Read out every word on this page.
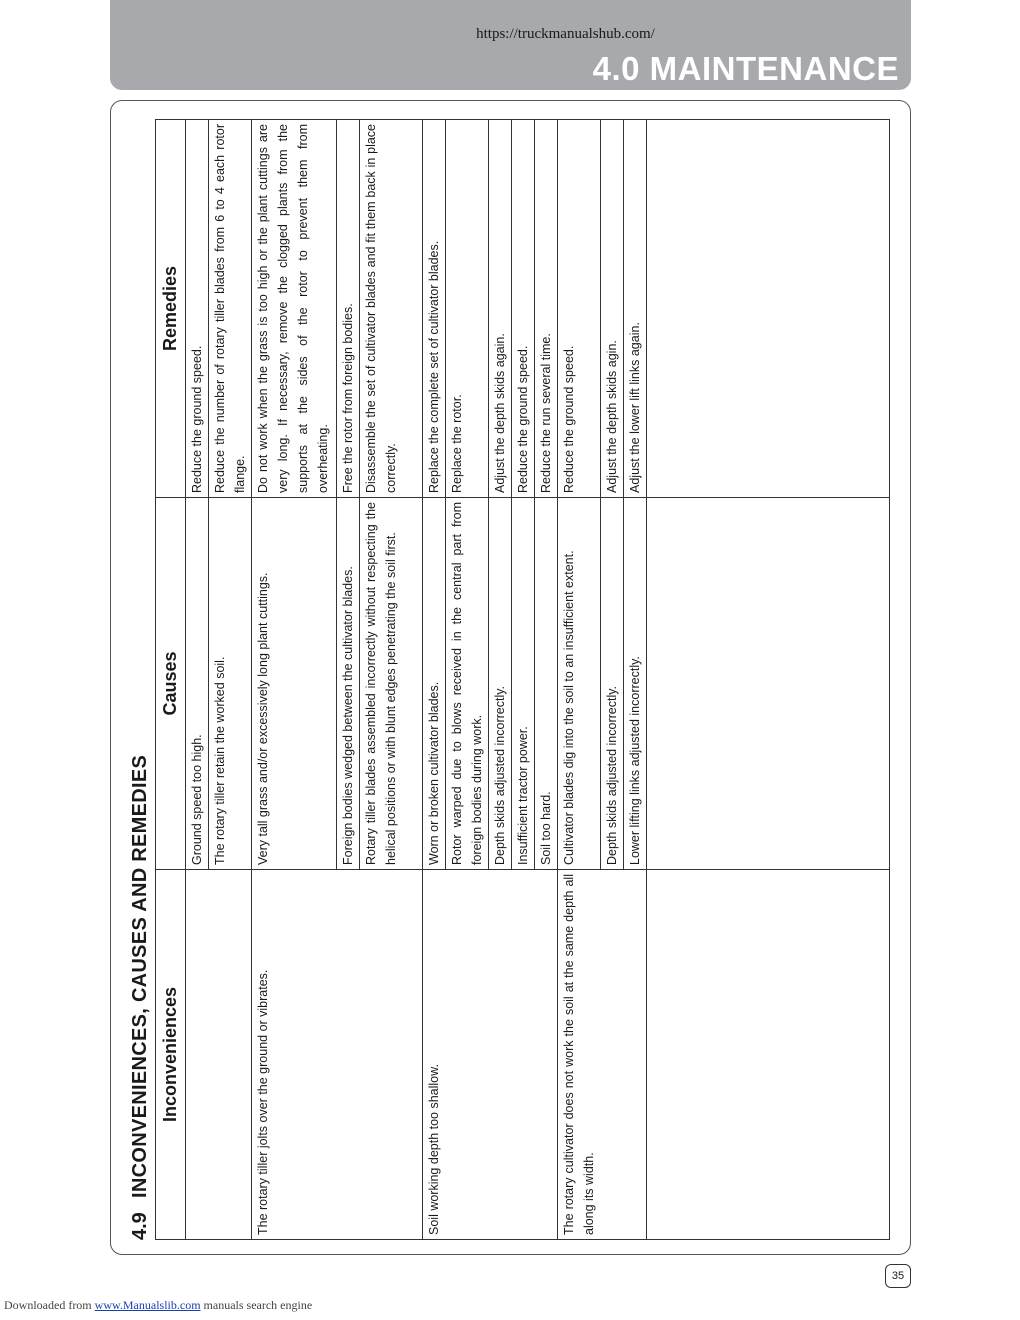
https://truckmanualshub.com/
4.0 MAINTENANCE
4.9
INCONVENIENCES, CAUSES AND REMEDIES Inconveniences	Causes	Remedies
	Ground speed too high.	Reduce the ground speed.
	The rotary tiller retain the worked soil.	Reduce the number of rotary tiller blades from 6 to 4 each rotor flange.
The rotary tiller jolts over the ground or vibrates.	Very tall grass and/or excessively long plant cuttings.	Do not work when the grass is too high or the plant cuttings are very long. If necessary, remove the clogged plants from the supports at the sides of the rotor to prevent them from overheating.
	Foreign bodies wedged between the cultivator blades.	Free the rotor from foreign bodies.
	Rotary tiller blades assembled incorrectly without respecting the helical positions or with blunt edges penetrating the soil first.	Disassemble the set of cultivator blades and fit them back in place correctly.
Soil working depth too shallow.	Worn or broken cultivator blades.	Replace the complete set of cultivator blades.
	Rotor warped due to blows received in the central part from foreign bodies during work.	Replace the rotor.
	Depth skids adjusted incorrectly.	Adjust the depth skids again.
	Insufficient tractor power.	Reduce the ground speed.
	Soil too hard.	Reduce the run several time.
The rotary cultivator does not work the soil at the same depth all along its width.	Cultivator blades dig into the soil to an insufficient extent.	Reduce the ground speed.
	Depth skids adjusted incorrectly.	Adjust the depth skids agin.
	Lower lifting links adjusted incorrectly.	Adjust the lower lift links again.

35
Downloaded from www.Manualslib.com manuals search engine
